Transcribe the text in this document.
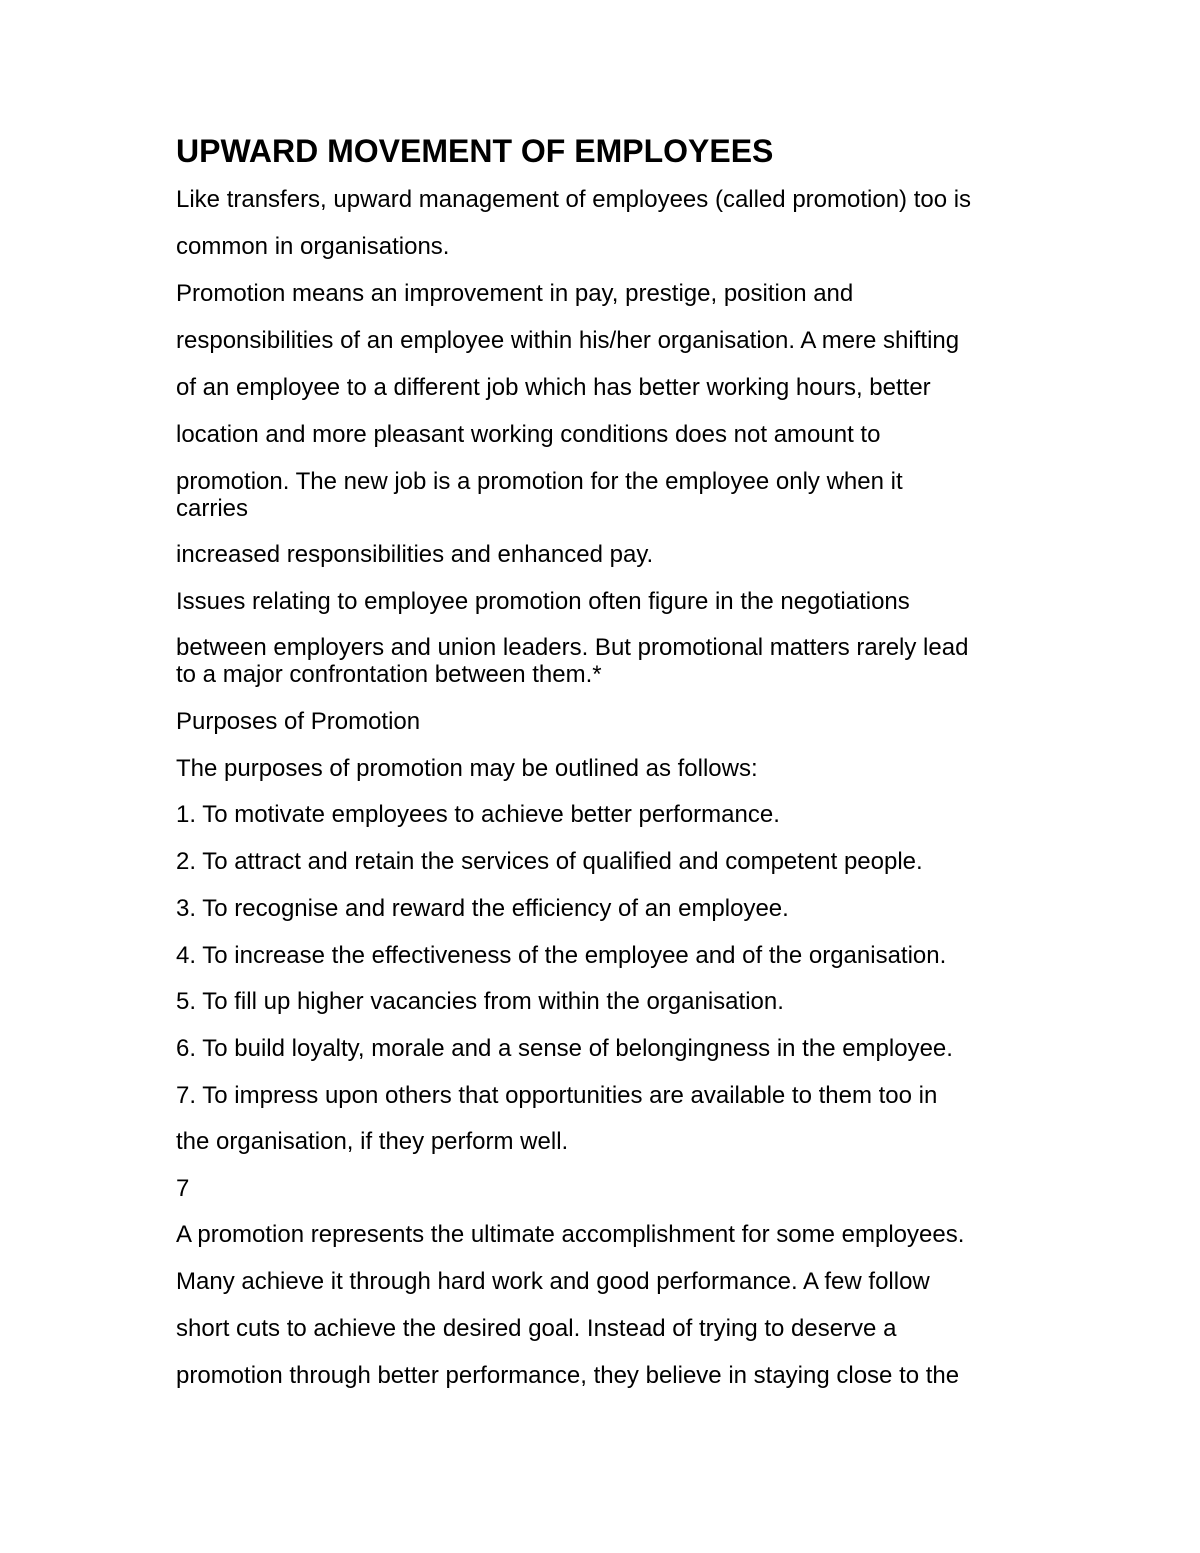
UPWARD MOVEMENT OF EMPLOYEES
Like transfers, upward management of employees (called promotion) too is
common in organisations.
Promotion means an improvement in pay, prestige, position and
responsibilities of an employee within his/her organisation. A mere shifting
of an employee to a different job which has better working hours, better
location and more pleasant working conditions does not amount to
promotion. The new job is a promotion for the employee only when it
carries
increased responsibilities and enhanced pay.
Issues relating to employee promotion often figure in the negotiations
between employers and union leaders. But promotional matters rarely lead
to a major confrontation between them.*
Purposes of Promotion
The purposes of promotion may be outlined as follows:
1. To motivate employees to achieve better performance.
2. To attract and retain the services of qualified and competent people.
3. To recognise and reward the efficiency of an employee.
4. To increase the effectiveness of the employee and of the organisation.
5. To fill up higher vacancies from within the organisation.
6. To build loyalty, morale and a sense of belongingness in the employee.
7. To impress upon others that opportunities are available to them too in
the organisation, if they perform well.
7
A promotion represents the ultimate accomplishment for some employees.
Many achieve it through hard work and good performance. A few follow
short cuts to achieve the desired goal. Instead of trying to deserve a
promotion through better performance, they believe in staying close to the
